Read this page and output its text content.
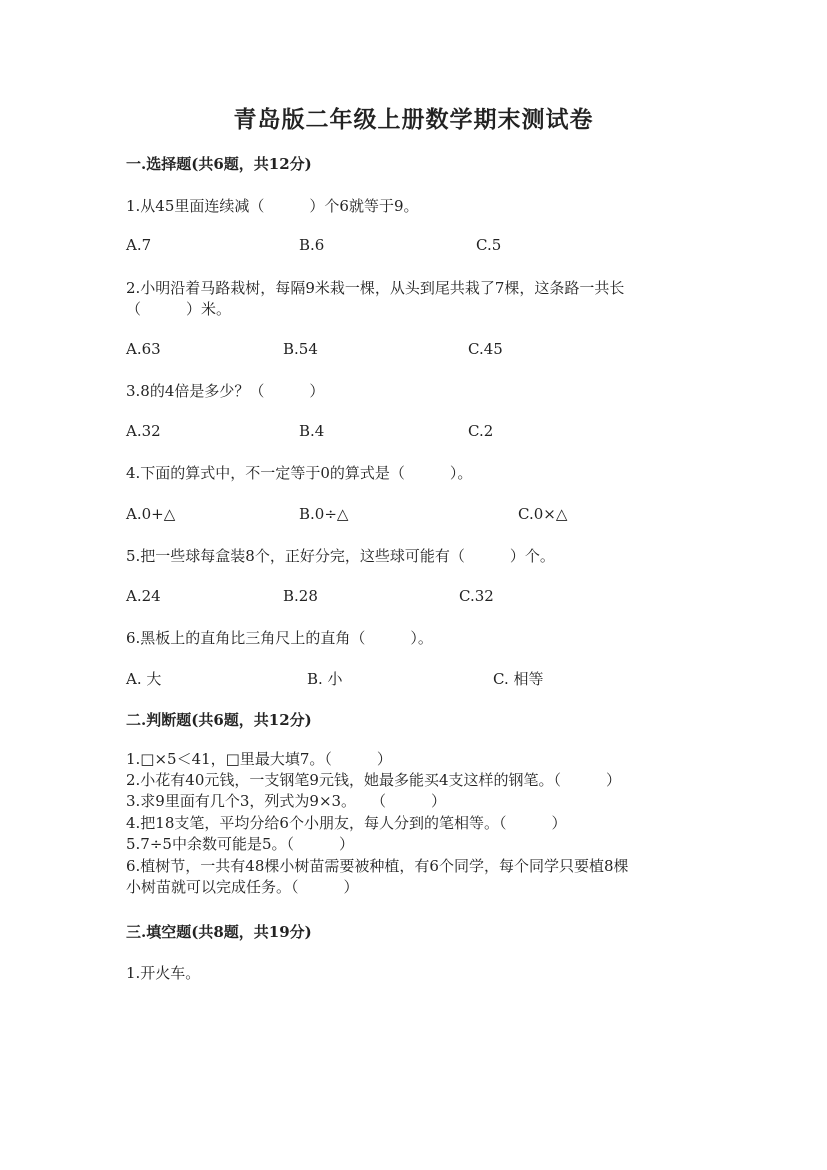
青岛版二年级上册数学期末测试卷
一.选择题(共6题，共12分)
1.从45里面连续减（　　　）个6就等于9。
A.7	B.6	C.5
2.小明沿着马路栽树，每隔9米栽一棵，从头到尾共栽了7棵，这条路一共长
（　　　）米。
A.63	B.54	C.45
3.8的4倍是多少？（　　　）
A.32	B.4	C.2
4.下面的算式中，不一定等于0的算式是（　　　）。
A.0+△	B.0÷△	C.0×△
5.把一些球每盒装8个，正好分完，这些球可能有（　　　）个。
A.24	B.28	C.32
6.黑板上的直角比三角尺上的直角（　　　）。
A. 大	B. 小	C. 相等
二.判断题(共6题，共12分)
1.□×5＜41，□里最大填7。（　　　）
2.小花有40元钱，一支钢笔9元钱，她最多能买4支这样的钢笔。（　　　）
3.求9里面有几个3，列式为9×3。　　（　　　）
4.把18支笔，平均分给6个小朋友，每人分到的笔相等。（　　　）
5.7÷5中余数可能是5。（　　　）
6.植树节，一共有48棵小树苗需要被种植，有6个同学，每个同学只要植8棵
小树苗就可以完成任务。（　　　）
三.填空题(共8题，共19分)
1.开火车。
